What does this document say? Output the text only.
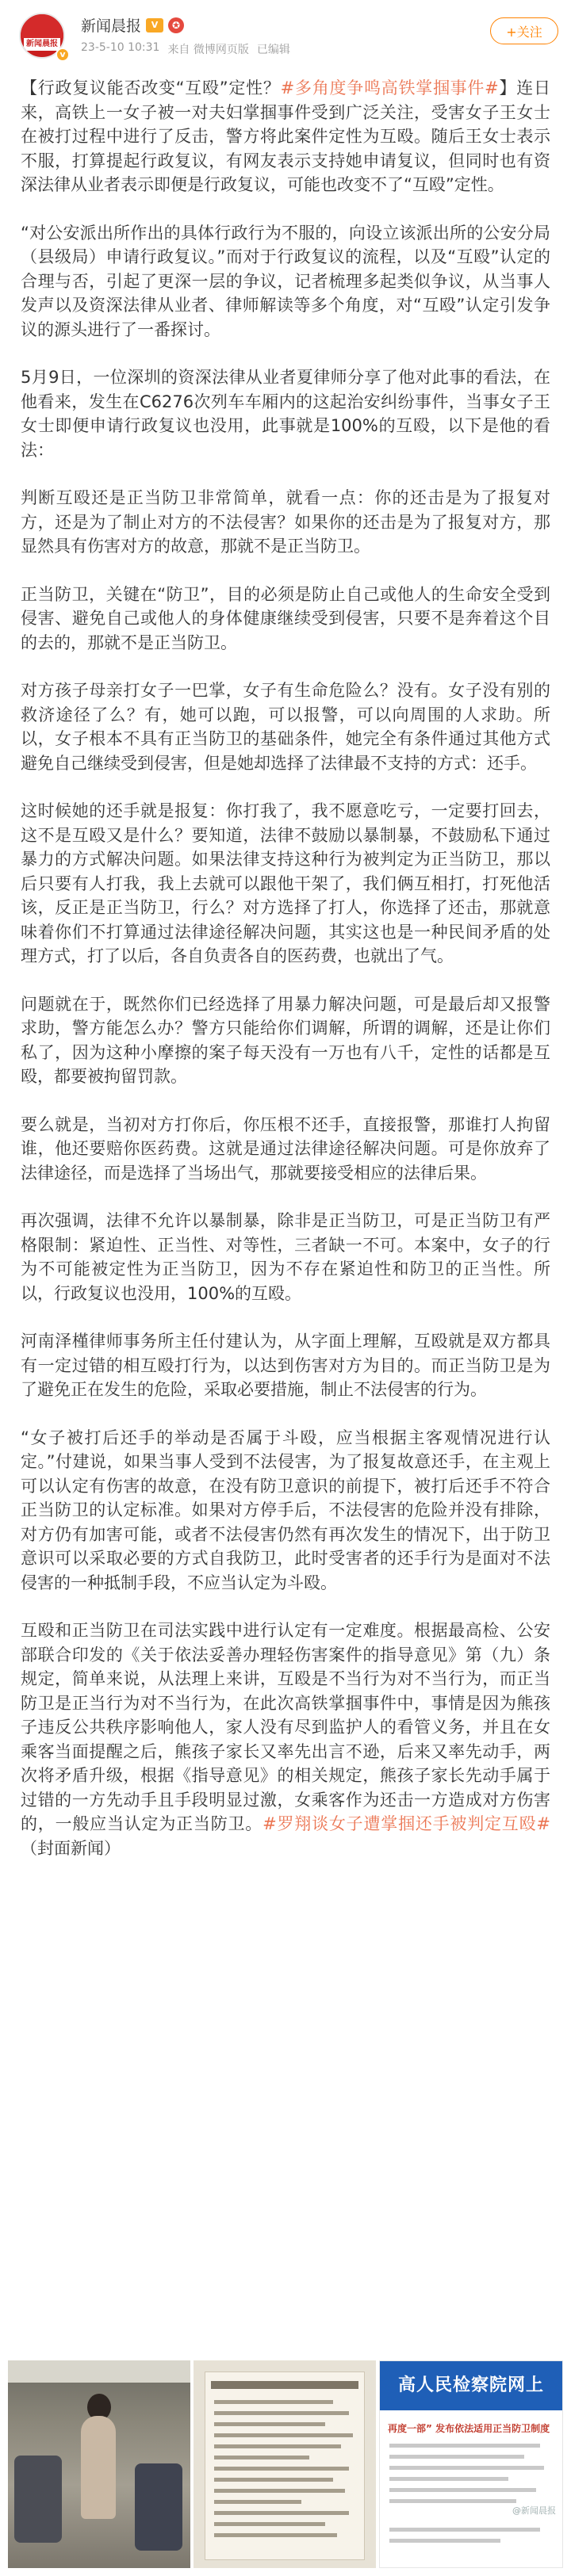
新闻晨报
v
新闻晨报	V	✪
23-5-10 10:31 来自 微博网页版 已编辑
+关注

【行政复议能否改变“互殴”定性？#多角度争鸣高铁掌掴事件#】连日来，高铁上一女子被一对夫妇掌掴事件受到广泛关注，受害女子王女士在被打过程中进行了反击，警方将此案件定性为互殴。随后王女士表示不服，打算提起行政复议，有网友表示支持她申请复议，但同时也有资深法律从业者表示即便是行政复议，可能也改变不了“互殴”定性。

“对公安派出所作出的具体行政行为不服的，向设立该派出所的公安分局（县级局）申请行政复议。”而对于行政复议的流程，以及“互殴”认定的合理与否，引起了更深一层的争议，记者梳理多起类似争议，从当事人发声以及资深法律从业者、律师解读等多个角度，对“互殴”认定引发争议的源头进行了一番探讨。

5月9日，一位深圳的资深法律从业者夏律师分享了他对此事的看法，在他看来，发生在C6276次列车车厢内的这起治安纠纷事件，当事女子王女士即便申请行政复议也没用，此事就是100%的互殴，以下是他的看法：

判断互殴还是正当防卫非常简单，就看一点：你的还击是为了报复对方，还是为了制止对方的不法侵害？如果你的还击是为了报复对方，那显然具有伤害对方的故意，那就不是正当防卫。

正当防卫，关键在“防卫”，目的必须是防止自己或他人的生命安全受到侵害、避免自己或他人的身体健康继续受到侵害，只要不是奔着这个目的去的，那就不是正当防卫。

对方孩子母亲打女子一巴掌，女子有生命危险么？没有。女子没有别的救济途径了么？有，她可以跑，可以报警，可以向周围的人求助。所以，女子根本不具有正当防卫的基础条件，她完全有条件通过其他方式避免自己继续受到侵害，但是她却选择了法律最不支持的方式：还手。

这时候她的还手就是报复：你打我了，我不愿意吃亏，一定要打回去，这不是互殴又是什么？要知道，法律不鼓励以暴制暴，不鼓励私下通过暴力的方式解决问题。如果法律支持这种行为被判定为正当防卫，那以后只要有人打我，我上去就可以跟他干架了，我们俩互相打，打死他活该，反正是正当防卫，行么？对方选择了打人，你选择了还击，那就意味着你们不打算通过法律途径解决问题，其实这也是一种民间矛盾的处理方式，打了以后，各自负责各自的医药费，也就出了气。

问题就在于，既然你们已经选择了用暴力解决问题，可是最后却又报警求助，警方能怎么办？警方只能给你们调解，所谓的调解，还是让你们私了，因为这种小摩擦的案子每天没有一万也有八千，定性的话都是互殴，都要被拘留罚款。

要么就是，当初对方打你后，你压根不还手，直接报警，那谁打人拘留谁，他还要赔你医药费。这就是通过法律途径解决问题。可是你放弃了法律途径，而是选择了当场出气，那就要接受相应的法律后果。

再次强调，法律不允许以暴制暴，除非是正当防卫，可是正当防卫有严格限制：紧迫性、正当性、对等性，三者缺一不可。本案中，女子的行为不可能被定性为正当防卫，因为不存在紧迫性和防卫的正当性。所以，行政复议也没用，100%的互殴。

河南泽槿律师事务所主任付建认为，从字面上理解，互殴就是双方都具有一定过错的相互殴打行为，以达到伤害对方为目的。而正当防卫是为了避免正在发生的危险，采取必要措施，制止不法侵害的行为。

“女子被打后还手的举动是否属于斗殴，应当根据主客观情况进行认定。”付建说，如果当事人受到不法侵害，为了报复故意还手，在主观上可以认定有伤害的故意，在没有防卫意识的前提下，被打后还手不符合正当防卫的认定标准。如果对方停手后，不法侵害的危险并没有排除，对方仍有加害可能，或者不法侵害仍然有再次发生的情况下，出于防卫意识可以采取必要的方式自我防卫，此时受害者的还手行为是面对不法侵害的一种抵制手段，不应当认定为斗殴。

互殴和正当防卫在司法实践中进行认定有一定难度。根据最高检、公安部联合印发的《关于依法妥善办理轻伤害案件的指导意见》第（九）条规定，简单来说，从法理上来讲，互殴是不当行为对不当行为，而正当防卫是正当行为对不当行为，在此次高铁掌掴事件中，事情是因为熊孩子违反公共秩序影响他人，家人没有尽到监护人的看管义务，并且在女乘客当面提醒之后，熊孩子家长又率先出言不逊，后来又率先动手，两次将矛盾升级，根据《指导意见》的相关规定，熊孩子家长先动手属于过错的一方先动手且手段明显过激，女乘客作为还击一方造成对方伤害的，一般应当认定为正当防卫。#罗翔谈女子遭掌掴还手被判定互殴#（封面新闻）

高人民检察院网上
再度一部” 发布依法适用正当防卫制度
@新闻晨报
